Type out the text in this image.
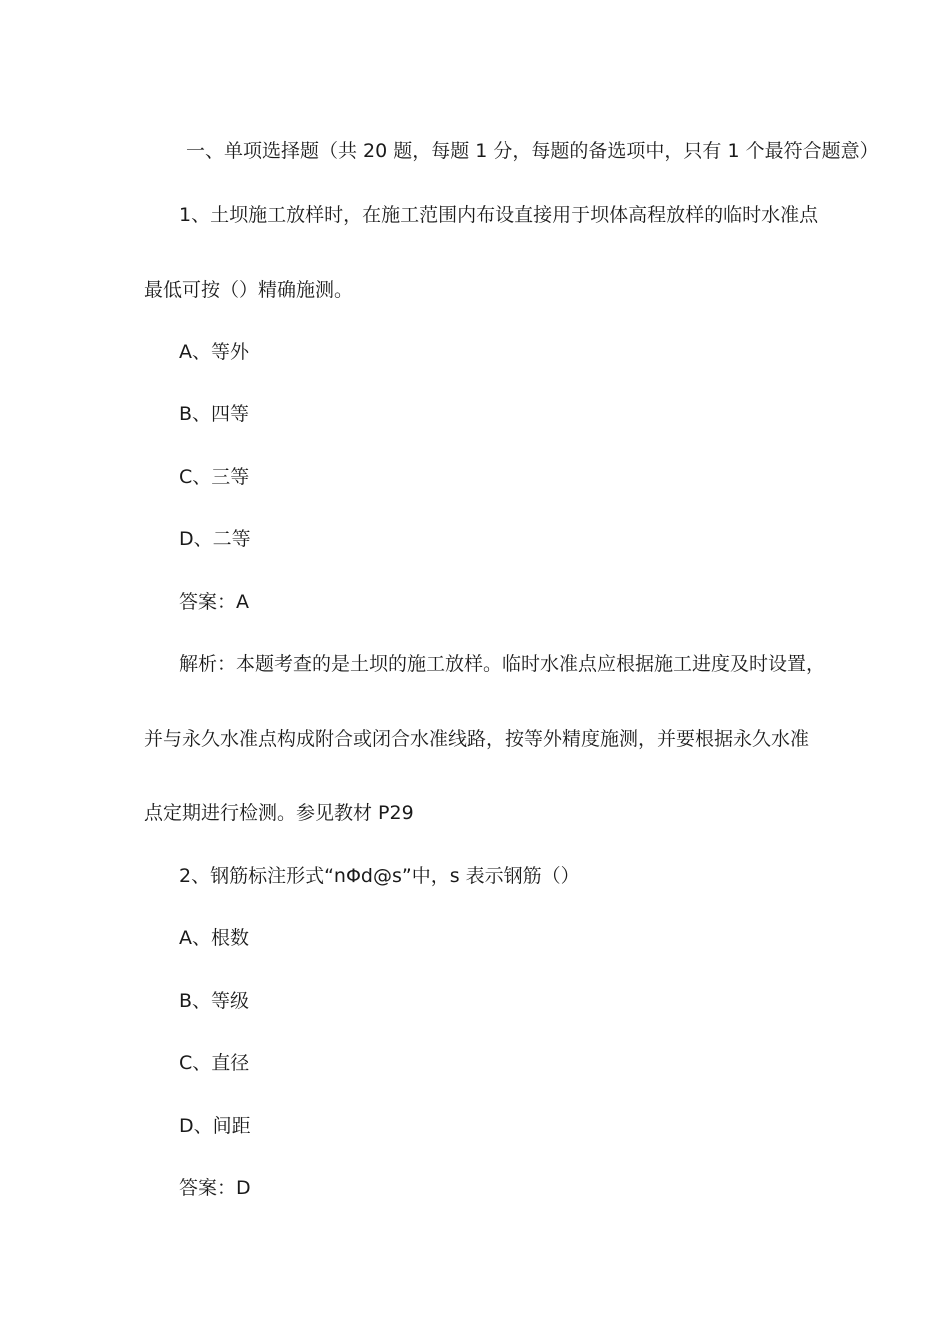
一、单项选择题（共 20 题，每题 1 分，每题的备选项中，只有 1 个最符合题意）
1、土坝施工放样时，在施工范围内布设直接用于坝体高程放样的临时水准点
最低可按（）精确施测。
A、等外
B、四等
C、三等
D、二等
答案：A
解析：本题考查的是土坝的施工放样。临时水准点应根据施工进度及时设置，
并与永久水准点构成附合或闭合水准线路，按等外精度施测，并要根据永久水准
点定期进行检测。参见教材 P29
2、钢筋标注形式“nΦd@s”中，s 表示钢筋（）
A、根数
B、等级
C、直径
D、间距
答案：D
